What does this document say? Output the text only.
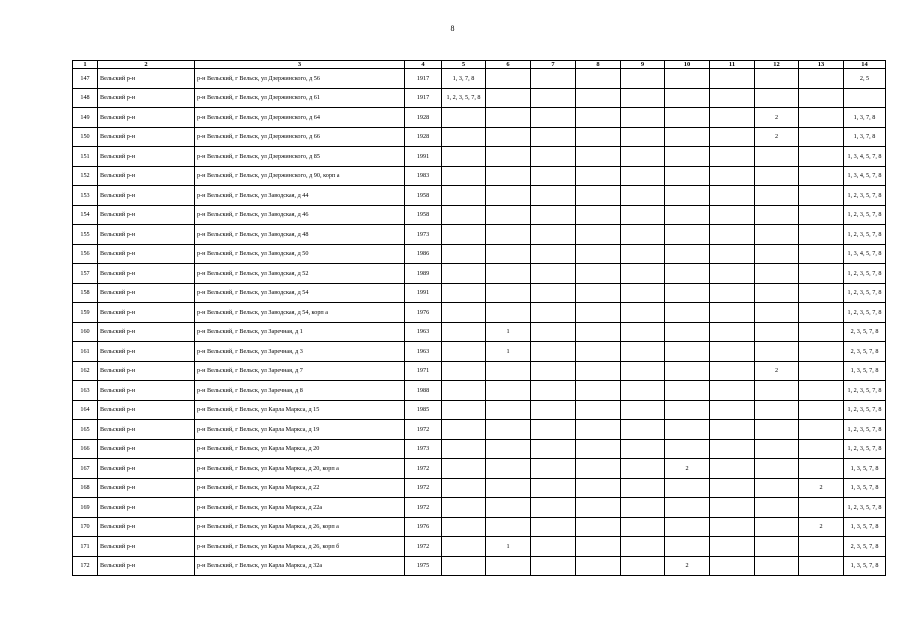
8
1	2	3	4	5	6	7	8	9	10	11	12	13	14
147	Вельский р-н	р-н Вельский, г Вельск, ул Дзержинского, д 56	1917	1, 3, 7, 8									2, 5
148	Вельский р-н	р-н Вельский, г Вельск, ул Дзержинского, д 61	1917	1, 2, 3, 5, 7, 8									
149	Вельский р-н	р-н Вельский, г Вельск, ул Дзержинского, д 64	1928								2		1, 3, 7, 8
150	Вельский р-н	р-н Вельский, г Вельск, ул Дзержинского, д 66	1928								2		1, 3, 7, 8
151	Вельский р-н	р-н Вельский, г Вельск, ул Дзержинского, д 85	1991										1, 3, 4, 5, 7, 8
152	Вельский р-н	р-н Вельский, г Вельск, ул Дзержинского, д 90, корп а	1983										1, 3, 4, 5, 7, 8
153	Вельский р-н	р-н Вельский, г Вельск, ул Заводская, д 44	1958										1, 2, 3, 5, 7, 8
154	Вельский р-н	р-н Вельский, г Вельск, ул Заводская, д 46	1958										1, 2, 3, 5, 7, 8
155	Вельский р-н	р-н Вельский, г Вельск, ул Заводская, д 48	1973										1, 2, 3, 5, 7, 8
156	Вельский р-н	р-н Вельский, г Вельск, ул Заводская, д 50	1986										1, 3, 4, 5, 7, 8
157	Вельский р-н	р-н Вельский, г Вельск, ул Заводская, д 52	1989										1, 2, 3, 5, 7, 8
158	Вельский р-н	р-н Вельский, г Вельск, ул Заводская, д 54	1991										1, 2, 3, 5, 7, 8
159	Вельский р-н	р-н Вельский, г Вельск, ул Заводская, д 54, корп а	1976										1, 2, 3, 5, 7, 8
160	Вельский р-н	р-н Вельский, г Вельск, ул Заречная, д 1	1963		1								2, 3, 5, 7, 8
161	Вельский р-н	р-н Вельский, г Вельск, ул Заречная, д 3	1963		1								2, 3, 5, 7, 8
162	Вельский р-н	р-н Вельский, г Вельск, ул Заречная, д 7	1971								2		1, 3, 5, 7, 8
163	Вельский р-н	р-н Вельский, г Вельск, ул Заречная, д 8	1988										1, 2, 3, 5, 7, 8
164	Вельский р-н	р-н Вельский, г Вельск, ул Карла Маркса, д 15	1985										1, 2, 3, 5, 7, 8
165	Вельский р-н	р-н Вельский, г Вельск, ул Карла Маркса, д 19	1972										1, 2, 3, 5, 7, 8
166	Вельский р-н	р-н Вельский, г Вельск, ул Карла Маркса, д 20	1973										1, 2, 3, 5, 7, 8
167	Вельский р-н	р-н Вельский, г Вельск, ул Карла Маркса, д 20, корп а	1972						2				1, 3, 5, 7, 8
168	Вельский р-н	р-н Вельский, г Вельск, ул Карла Маркса, д 22	1972									2	1, 3, 5, 7, 8
169	Вельский р-н	р-н Вельский, г Вельск, ул Карла Маркса, д 22а	1972										1, 2, 3, 5, 7, 8
170	Вельский р-н	р-н Вельский, г Вельск, ул Карла Маркса, д 26, корп а	1976									2	1, 3, 5, 7, 8
171	Вельский р-н	р-н Вельский, г Вельск, ул Карла Маркса, д 26, корп б	1972		1								2, 3, 5, 7, 8
172	Вельский р-н	р-н Вельский, г Вельск, ул Карла Маркса, д 32а	1975						2				1, 3, 5, 7, 8
